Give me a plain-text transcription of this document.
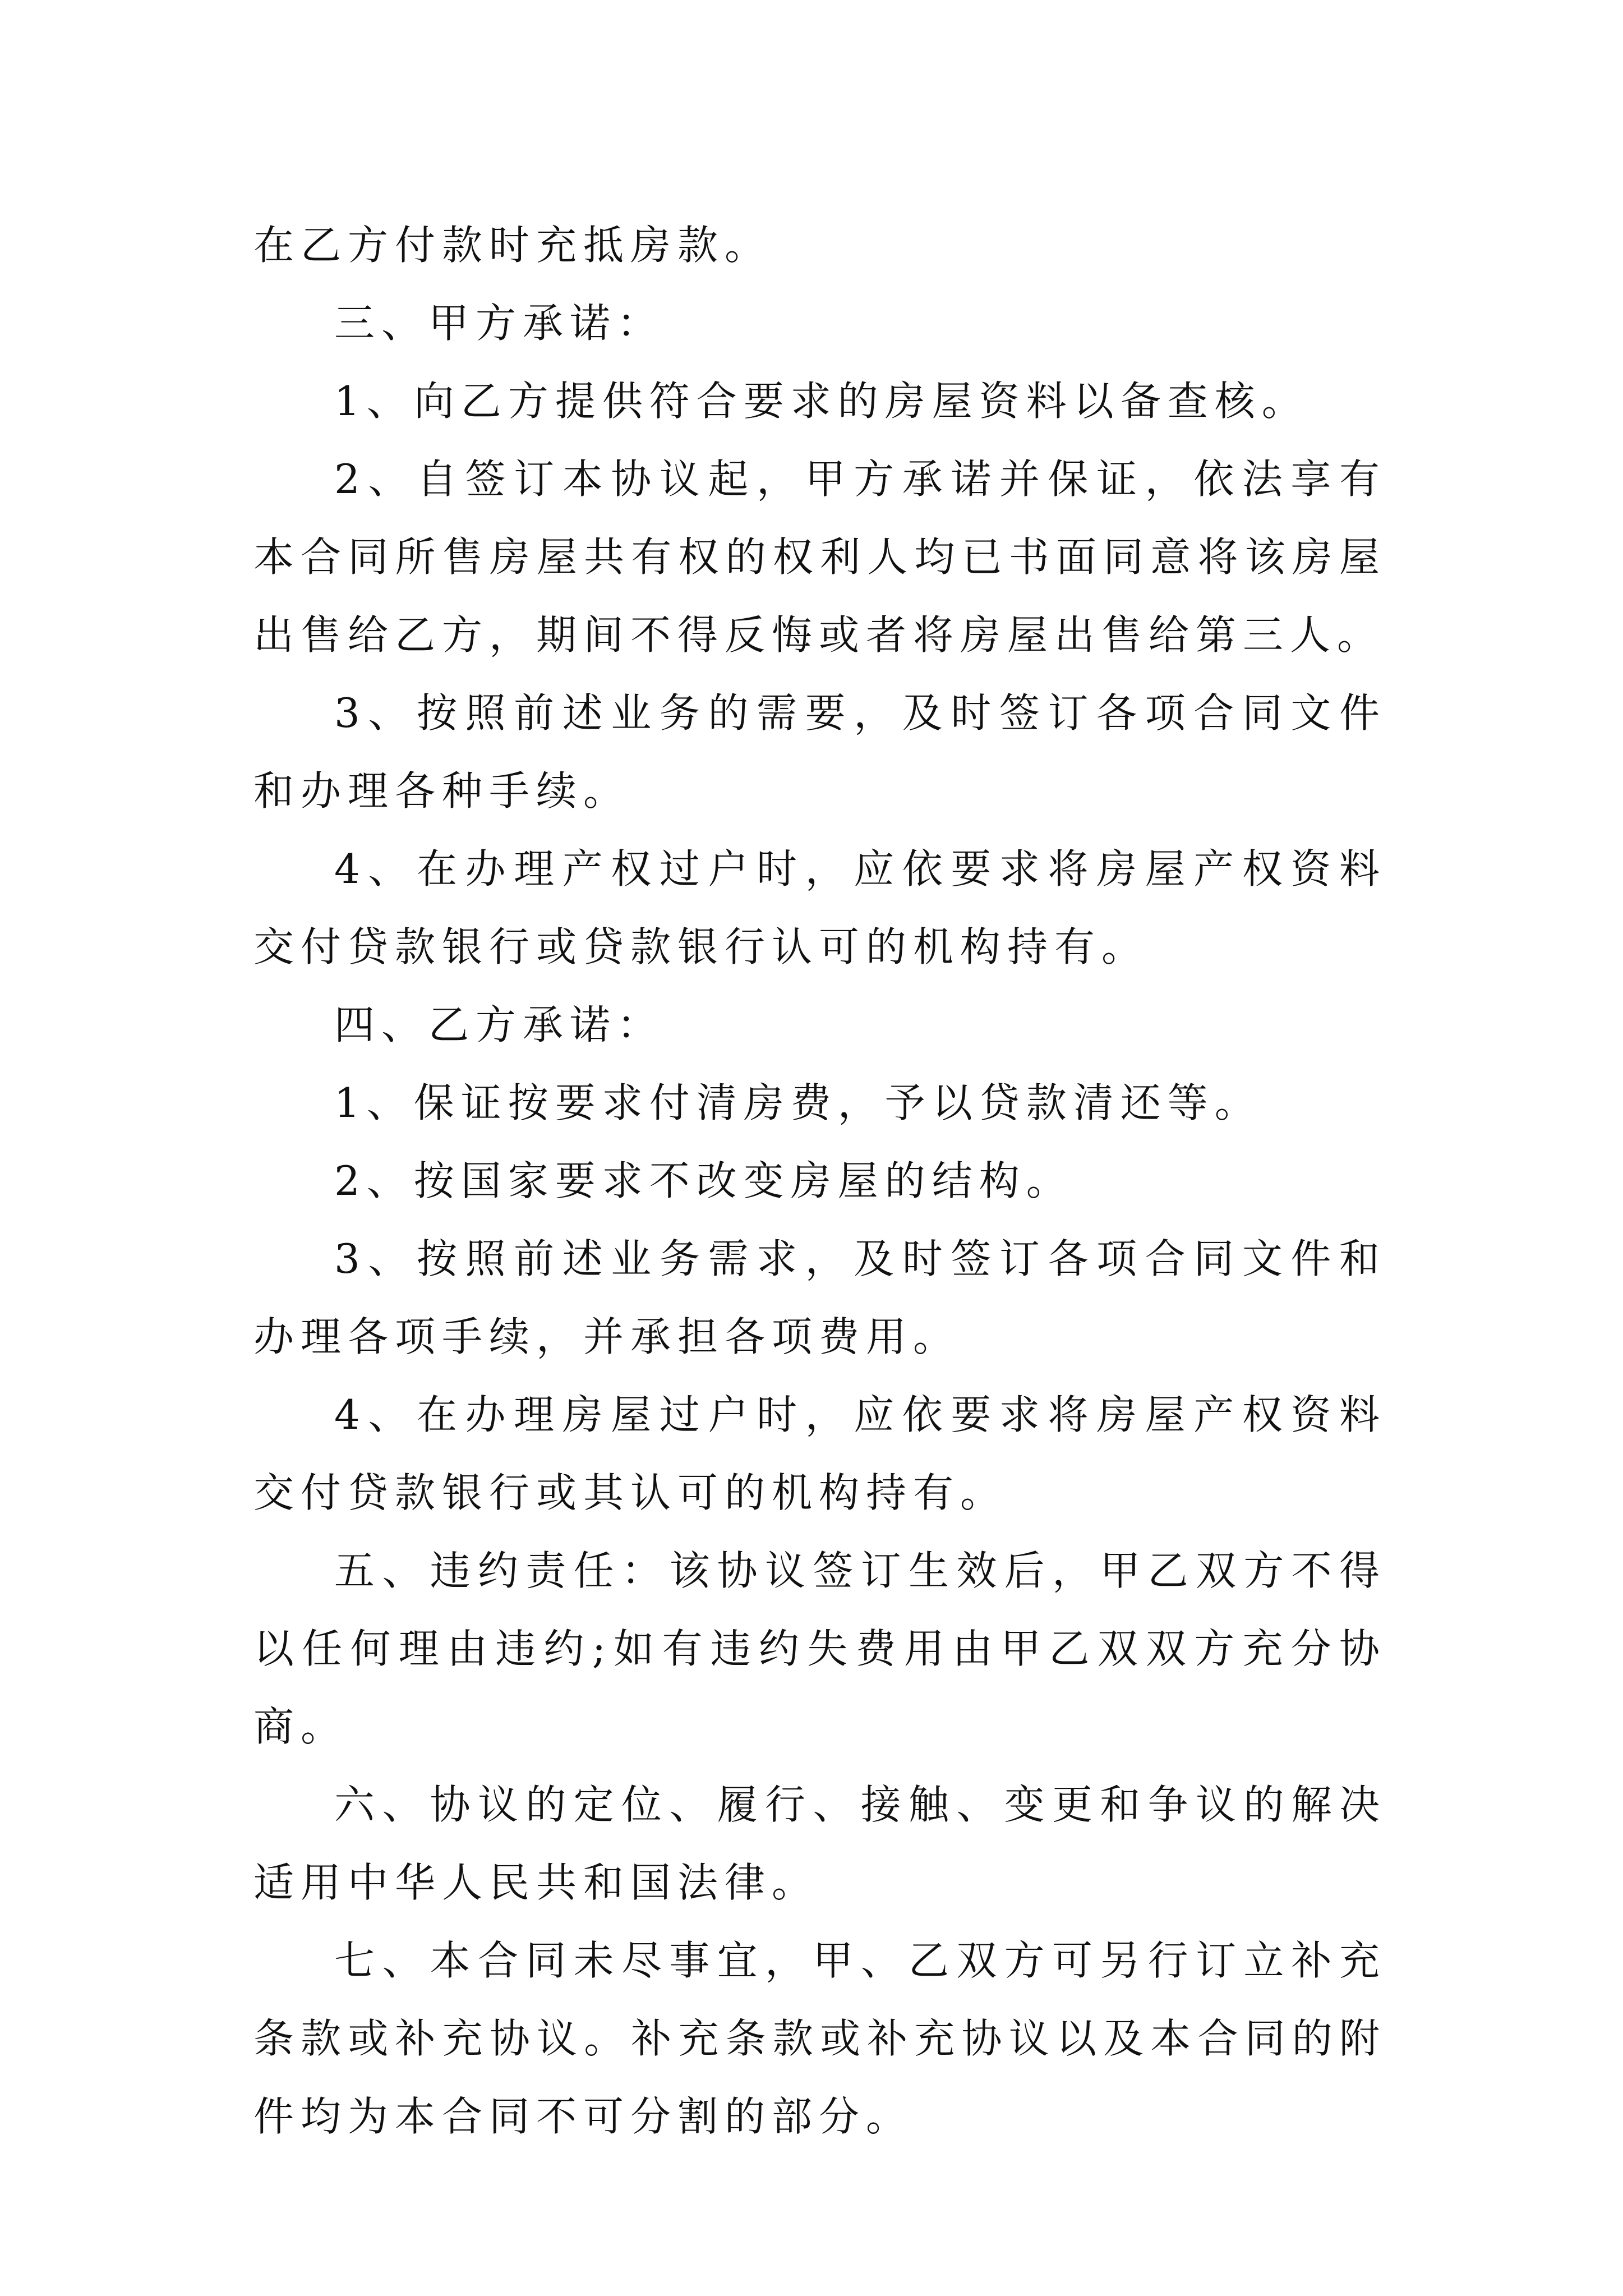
在乙方付款时充抵房款。

三、甲方承诺：

1、向乙方提供符合要求的房屋资料以备查核。

2、自签订本协议起，甲方承诺并保证，依法享有本合同所售房屋共有权的权利人均已书面同意将该房屋出售给乙方，期间不得反悔或者将房屋出售给第三人。

3、按照前述业务的需要，及时签订各项合同文件和办理各种手续。

4、在办理产权过户时，应依要求将房屋产权资料交付贷款银行或贷款银行认可的机构持有。

四、乙方承诺：

1、保证按要求付清房费，予以贷款清还等。

2、按国家要求不改变房屋的结构。

3、按照前述业务需求，及时签订各项合同文件和办理各项手续，并承担各项费用。

4、在办理房屋过户时，应依要求将房屋产权资料交付贷款银行或其认可的机构持有。

五、违约责任：该协议签订生效后，甲乙双方不得以任何理由违约;如有违约失费用由甲乙双双方充分协商。

六、协议的定位、履行、接触、变更和争议的解决适用中华人民共和国法律。

七、本合同未尽事宜，甲、乙双方可另行订立补充条款或补充协议。补充条款或补充协议以及本合同的附件均为本合同不可分割的部分。
